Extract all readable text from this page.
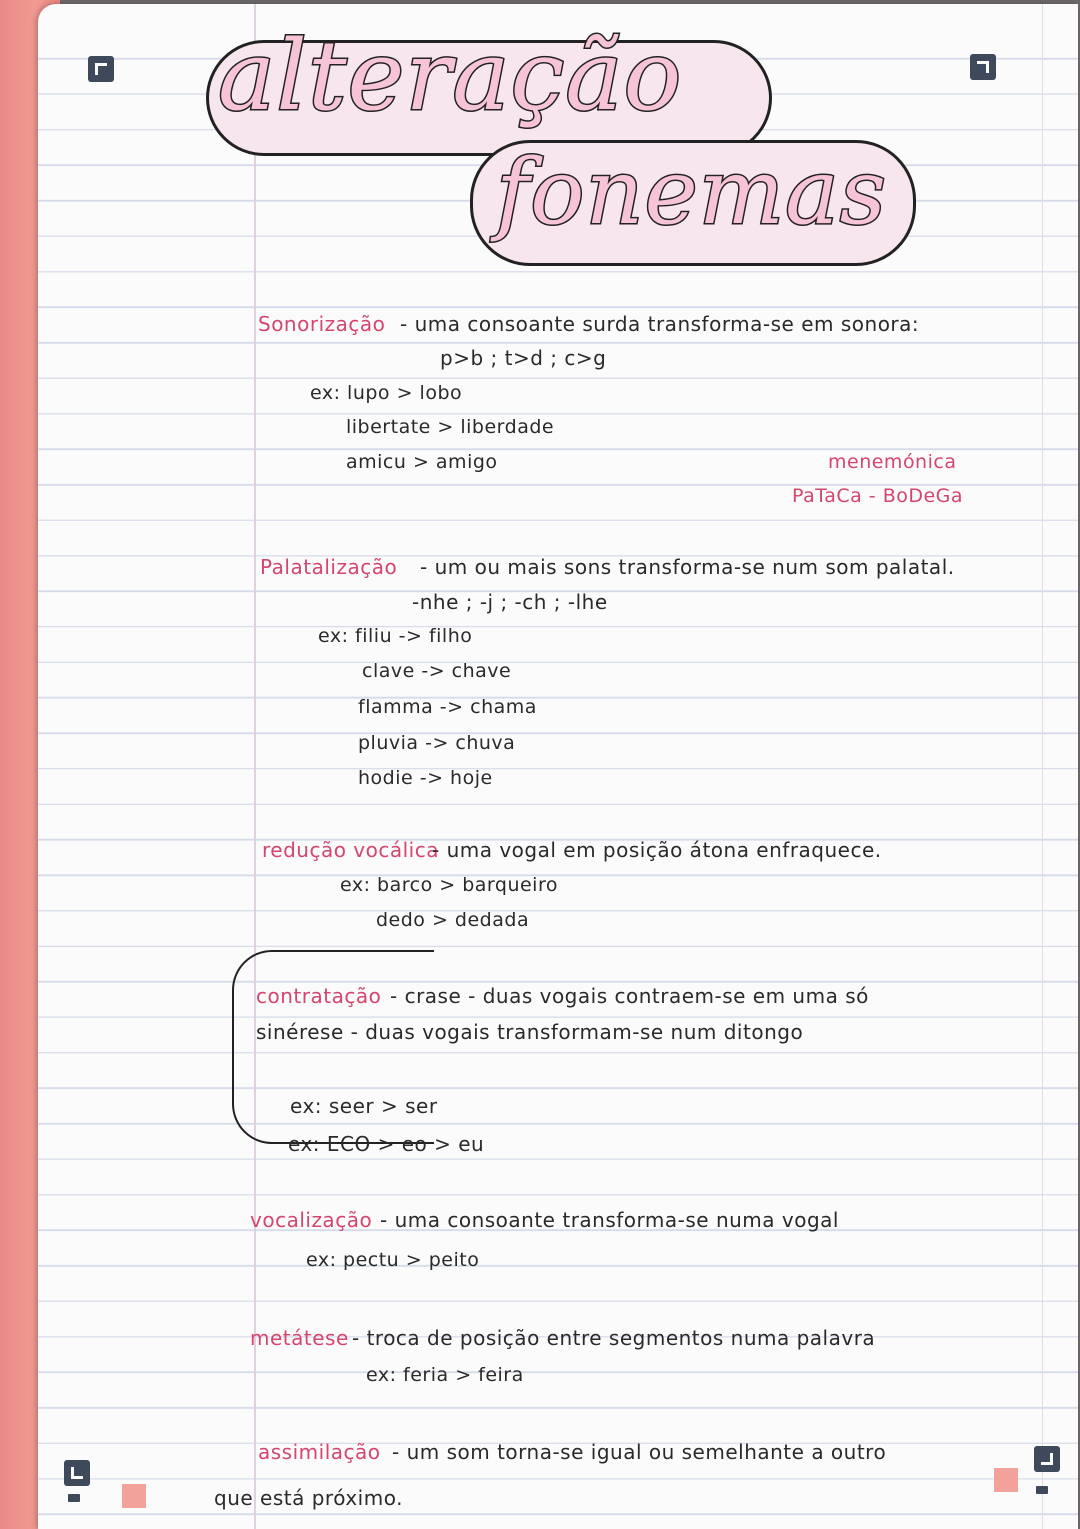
alteração
fonemas
Sonorização - uma consoante surda transforma-se em sonora:
p>b ; t>d ; c>g
ex: lupo > lobo
libertate > liberdade
amicu > amigo	menemónica
PaTaCa - BoDeGa
Palatalização - um ou mais sons transforma-se num som palatal.
-nhe ; -j ; -ch ; -lhe
ex: filiu -> filho
clave -> chave
flamma -> chama
pluvia -> chuva
hodie -> hoje
redução vocálica
- uma vogal em posição átona enfraquece.
ex: barco > barqueiro
dedo > dedada
contratação - crase - duas vogais contraem-se em uma só
sinérese - duas vogais transformam-se num ditongo
ex: seer > ser
ex: ECO > eo > eu
vocalização - uma consoante transforma-se numa vogal
ex: pectu > peito
metátese - troca de posição entre segmentos numa palavra
ex: feria > feira
assimilação - um som torna-se igual ou semelhante a outro
que está próximo.
